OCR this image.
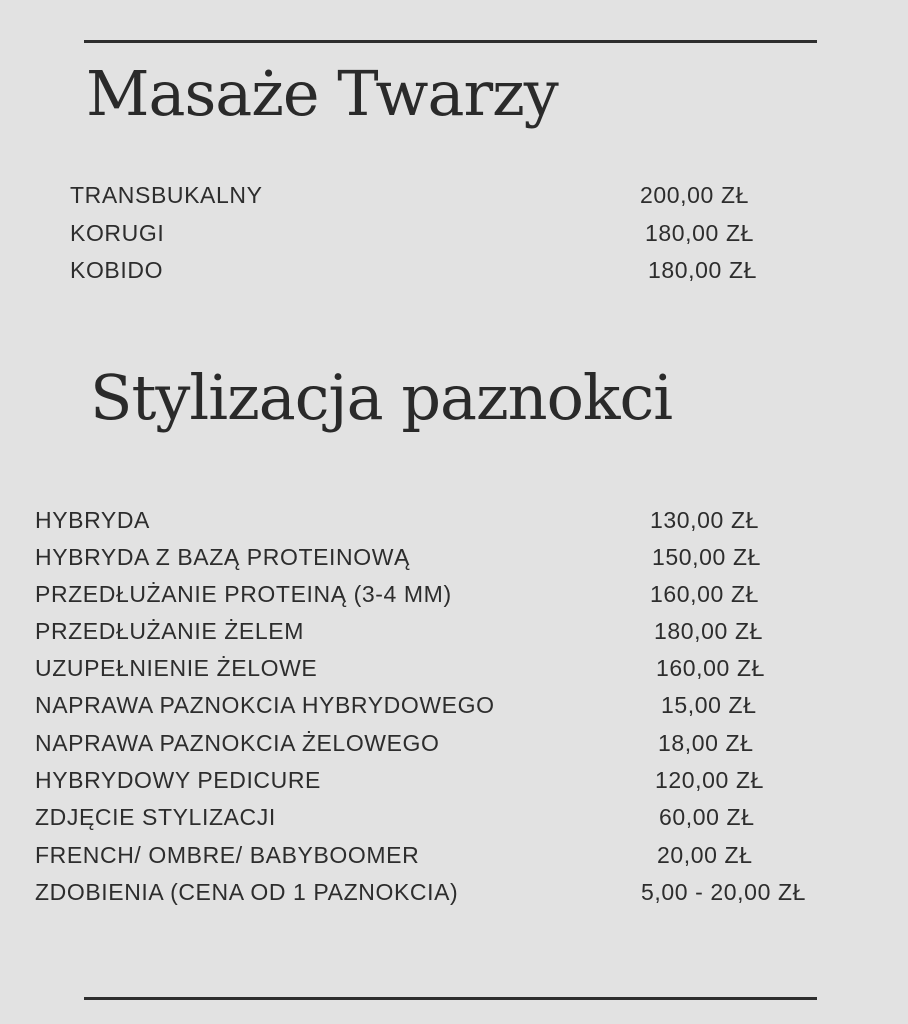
Masaże Twarzy
TRANSBUKALNY	200,00 ZŁ
KORUGI	180,00 ZŁ
KOBIDO	180,00 ZŁ
Stylizacja paznokci
HYBRYDA	130,00 ZŁ
HYBRYDA Z BAZĄ PROTEINOWĄ	150,00 ZŁ
PRZEDŁUŻANIE PROTEINĄ (3-4 MM)	160,00 ZŁ
PRZEDŁUŻANIE ŻELEM	180,00 ZŁ
UZUPEŁNIENIE ŻELOWE	160,00 ZŁ
NAPRAWA PAZNOKCIA HYBRYDOWEGO	15,00 ZŁ
NAPRAWA PAZNOKCIA ŻELOWEGO	18,00 ZŁ
HYBRYDOWY PEDICURE	120,00 ZŁ
ZDJĘCIE STYLIZACJI	60,00 ZŁ
FRENCH/ OMBRE/ BABYBOOMER	20,00 ZŁ
ZDOBIENIA (CENA OD 1 PAZNOKCIA)	5,00 - 20,00 ZŁ
